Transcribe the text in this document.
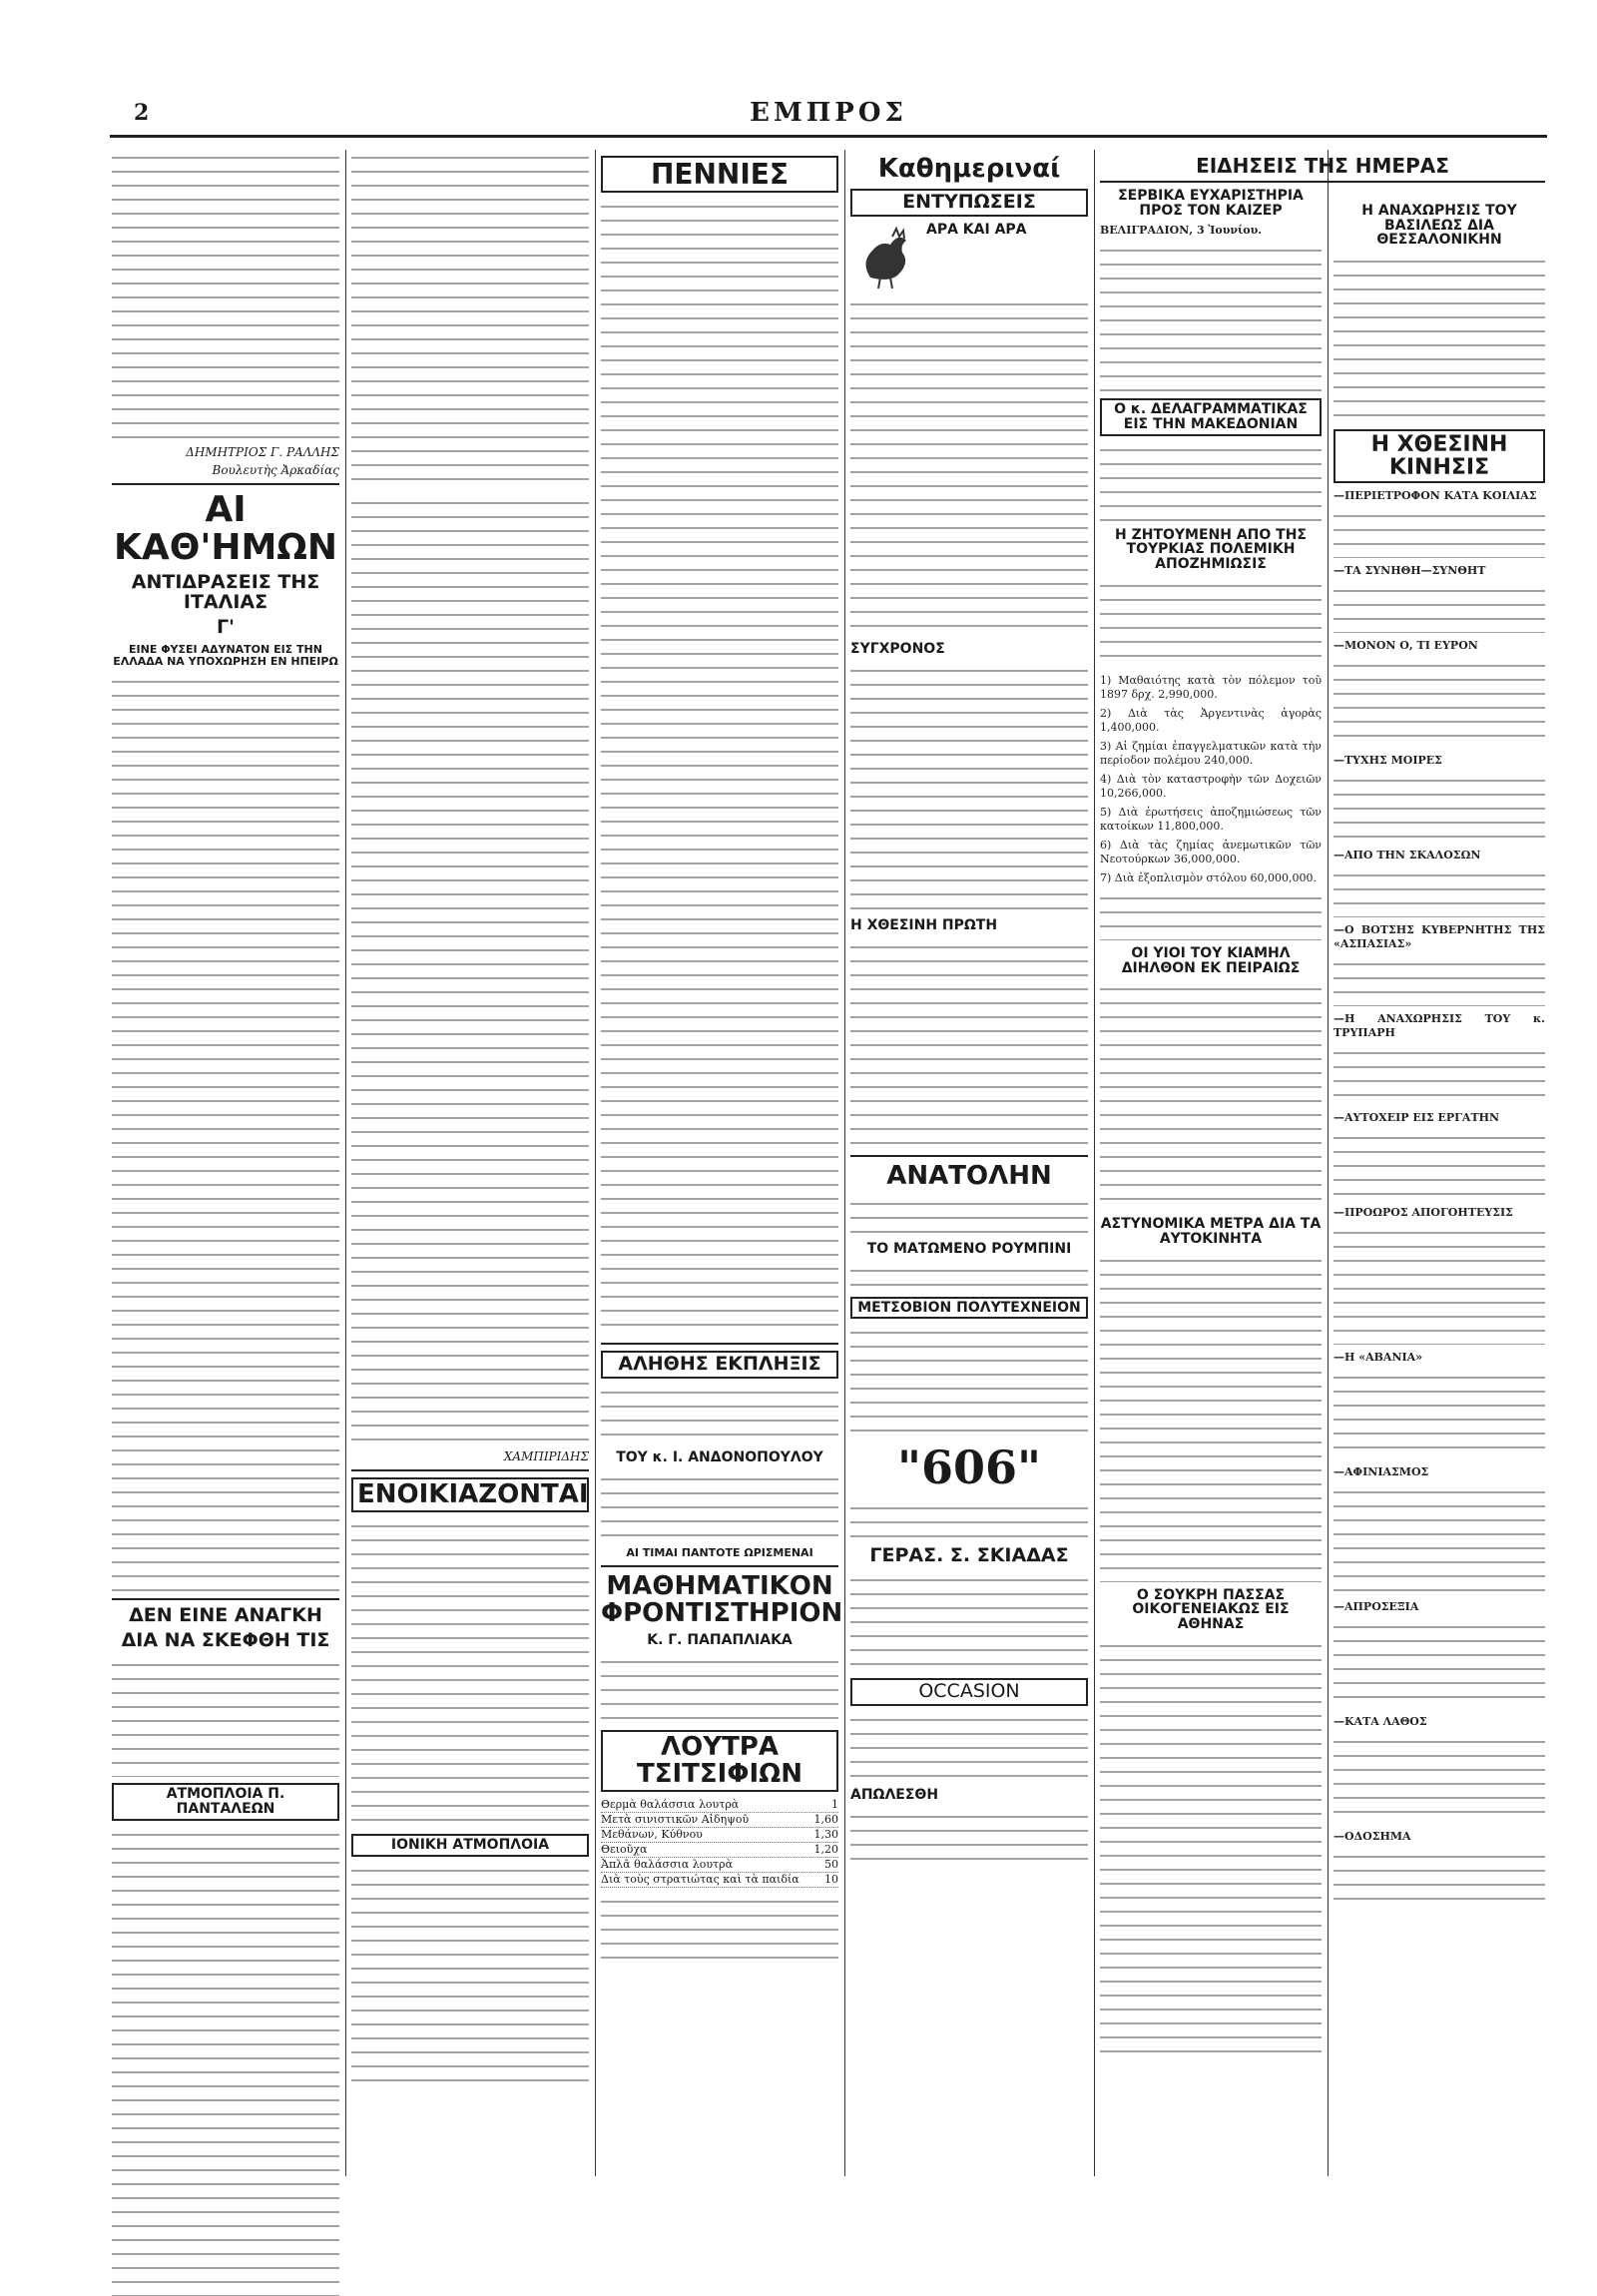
2	ΕΜΠΡΟΣ
ΔΗΜΗΤΡΙΟΣ Γ. ΡΑΛΛΗΣ
Βουλευτὴς Ἀρκαδίας
ΑΙ ΚΑΘ'ΗΜΩΝ
ΑΝΤΙΔΡΑΣΕΙΣ ΤΗΣ ΙΤΑΛΙΑΣ
Γ'
ΕΙΝΕ ΦΥΣΕΙ ΑΔΥΝΑΤΟΝ ΕΙΣ ΤΗΝ ΕΛΛΑΔΑ ΝΑ ΥΠΟΧΩΡΗΣΗ ΕΝ ΗΠΕΙΡΩ
ΔΕΝ ΕΙΝΕ ΑΝΑΓΚΗ
ΔΙΑ ΝΑ ΣΚΕΦΘΗ ΤΙΣ
ΑΤΜΟΠΛΟΙΑ Π. ΠΑΝΤΑΛΕΩΝ
ΧΑΜΠΙΡΙΔΗΣ
ΕΝΟΙΚΙΑΖΟΝΤΑΙ
ΙΟΝΙΚΗ ΑΤΜΟΠΛΟΙΑ
ΠΕΝΝΙΕΣ
ΑΛΗΘΗΣ ΕΚΠΛΗΞΙΣ
ΤΟΥ κ. Ι. ΑΝΔΟΝΟΠΟΥΛΟΥ
ΑΙ ΤΙΜΑΙ ΠΑΝΤΟΤΕ ΩΡΙΣΜΕΝΑΙ
ΜΑΘΗΜΑΤΙΚΟΝ ΦΡΟΝΤΙΣΤΗΡΙΟΝ
Κ. Γ. ΠΑΠΑΠΛΙΑΚΑ
ΛΟΥΤΡΑ ΤΣΙΤΣΙΦΙΩΝ
Θερμὰ θαλάσσια λουτρὰ	1
Μετὰ σινιστικῶν Αἰδηψοῦ	1,60
Μεθάνων, Κύθνου	1,30
Θειοῦχα	1,20
Ἀπλᾶ θαλάσσια λουτρὰ	50
Διὰ τοὺς στρατιώτας καὶ τὰ παιδία 10
Καθημεριναί
ΕΝΤΥΠΩΣΕΙΣ
ΑΡΑ ΚΑΙ ΑΡΑ
ΣΥΓΧΡΟΝΟΣ
Η ΧΘΕΣΙΝΗ ΠΡΩΤΗ
ΑΝΑΤΟΛΗΝ
ΤΟ ΜΑΤΩΜΕΝΟ ΡΟΥΜΠΙΝΙ
ΜΕΤΣΟΒΙΟΝ ΠΟΛΥΤΕΧΝΕΙΟΝ
"606"
ΓΕΡΑΣ. Σ. ΣΚΙΑΔΑΣ
OCCASION
ΑΠΩΛΕΣΘΗ
ΕΙΔΗΣΕΙΣ ΤΗΣ ΗΜΕΡΑΣ
ΣΕΡΒΙΚΑ ΕΥΧΑΡΙΣΤΗΡΙΑ ΠΡΟΣ ΤΟΝ ΚΑΙΖΕΡ
ΒΕΛΙΓΡΑΔΙΟΝ, 3 Ἰουνίου.
Ο κ. ΔΕΛΑΓΡΑΜΜΑΤΙΚΑΣ ΕΙΣ ΤΗΝ ΜΑΚΕΔΟΝΙΑΝ
Η ΖΗΤΟΥΜΕΝΗ ΑΠΟ ΤΗΣ ΤΟΥΡΚΙΑΣ ΠΟΛΕΜΙΚΗ ΑΠΟΖΗΜΙΩΣΙΣ
1) Μαθαιότης κατὰ τὸν πόλεμον τοῦ 1897 δρχ. 2,990,000.
2) Διὰ τὰς Ἀργεντινὰς ἀγορὰς 1,400,000.
3) Αἰ ζημίαι ἐπαγγελματικῶν κατὰ τὴν περίοδον πολέμου 240,000.
4) Διὰ τὸν καταστροφὴν τῶν Δοχειῶν 10,266,000.
5) Διὰ ἐρωτήσεις ἀποζημιώσεως τῶν κατοίκων 11,800,000.
6) Διὰ τὰς ζημίας ἀνεμωτικῶν τῶν Νεοτούρκων 36,000,000.
7) Διὰ ἐξοπλισμὸν στόλου 60,000,000.
ΟΙ ΥΙΟΙ ΤΟΥ ΚΙΑΜΗΛ ΔΙΗΛΘΟΝ ΕΚ ΠΕΙΡΑΙΩΣ
ΑΣΤΥΝΟΜΙΚΑ ΜΕΤΡΑ ΔΙΑ ΤΑ ΑΥΤΟΚΙΝΗΤΑ
Ο ΣΟΥΚΡΗ ΠΑΣΣΑΣ ΟΙΚΟΓΕΝΕΙΑΚΩΣ ΕΙΣ ΑΘΗΝΑΣ
Η ΑΝΑΧΩΡΗΣΙΣ ΤΟΥ ΒΑΣΙΛΕΩΣ ΔΙΑ ΘΕΣΣΑΛΟΝΙΚΗΝ
Η ΧΘΕΣΙΝΗ ΚΙΝΗΣΙΣ
—ΠΕΡΙΕΤΡΟΦΟΝ ΚΑΤΑ ΚΟΙΛΙΑΣ
—ΤΑ ΣΥΝΗΘΗ—ΣΥΝΘΗΤ
—ΜΟΝΟΝ Ο, ΤΙ ΕΥΡΟΝ
—ΤΥΧΗΣ ΜΟΙΡΕΣ
—ΑΠΟ ΤΗΝ ΣΚΑΛΟΣΩΝ
—Ο ΒΟΤΣΗΣ ΚΥΒΕΡΝΗΤΗΣ ΤΗΣ «ΑΣΠΑΣΙΑΣ»
—Η ΑΝΑΧΩΡΗΣΙΣ ΤΟΥ κ. ΤΡΥΠΑΡΗ
—ΑΥΤΟΧΕΙΡ ΕΙΣ ΕΡΓΑΤΗΝ
—ΠΡΟΩΡΟΣ ΑΠΟΓΟΗΤΕΥΣΙΣ
—Η «ΑΒΑΝΙΑ»
—ΑΦΙΝΙΑΣΜΟΣ
—ΑΠΡΟΣΕΞΙΑ
—ΚΑΤΑ ΛΑΘΟΣ
—ΟΔΟΣΗΜΑ
